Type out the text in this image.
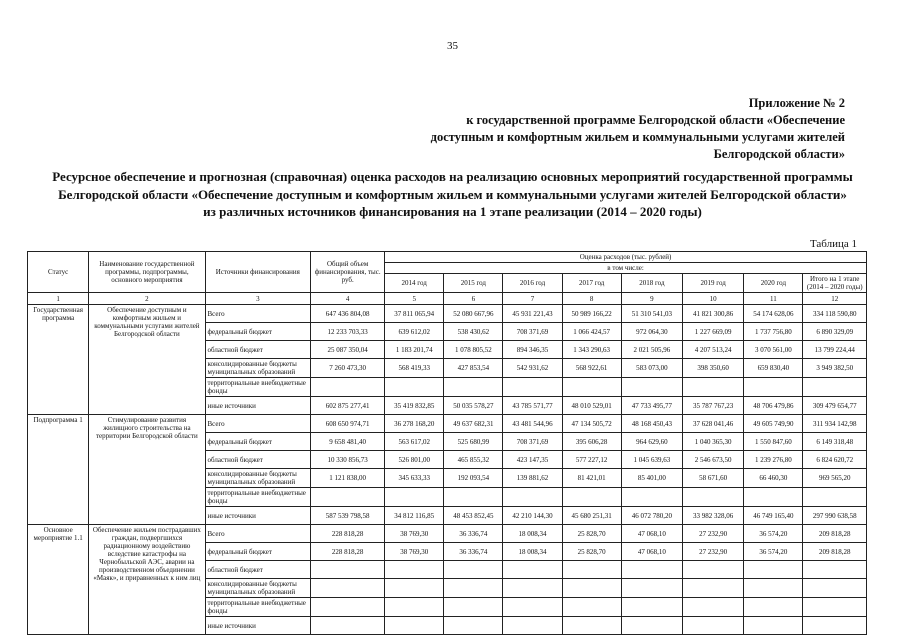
35
Приложение № 2
к государственной программе Белгородской области «Обеспечение
доступным и комфортным жильем и коммунальными услугами жителей
Белгородской области»
Ресурсное обеспечение и прогнозная (справочная) оценка расходов на реализацию основных мероприятий государственной программы
Белгородской области «Обеспечение доступным и комфортным жильем и коммунальными услугами жителей Белгородской области»
из различных источников финансирования на 1 этапе реализации (2014 – 2020 годы)
Таблица 1
Статус	Наименование государственной программы, подпрограммы, основного мероприятия	Источники финансирования	Общий объем финансирования, тыс. руб.	Оценка расходов (тыс. рублей)							
				в том числе:							
				2014 год	2015 год	2016 год	2017 год	2018 год	2019 год	2020 год	Итого на 1 этапе (2014 – 2020 годы)
1	2	3	4	5	6	7	8	9	10	11	12
Государственная программа	Обеспечение доступным и комфортным жильем и коммунальными услугами жителей Белгородской области	Всего	647 436 804,08	37 811 065,94	52 080 667,96	45 931 221,43	50 989 166,22	51 310 541,03	41 821 300,86	54 174 628,06	334 118 590,80
		федеральный бюджет	12 233 703,33	639 612,02	538 430,62	708 371,69	1 066 424,57	972 064,30	1 227 669,09	1 737 756,80	6 890 329,09
		областной бюджет	25 087 350,04	1 183 201,74	1 078 805,52	894 346,35	1 343 290,63	2 021 505,96	4 207 513,24	3 070 561,00	13 799 224,44
		консолидированные бюджеты муниципальных образований	7 260 473,30	568 419,33	427 853,54	542 931,62	568 922,61	583 073,00	398 350,60	659 830,40	3 949 382,50
		территориальные внебюджетные фонды									
		иные источники	602 875 277,41	35 419 832,85	50 035 578,27	43 785 571,77	48 010 529,01	47 733 495,77	35 787 767,23	48 706 479,86	309 479 654,77
Подпрограмма 1	Стимулирование развития жилищного строительства на территории Белгородской области	Всего	608 650 974,71	36 278 168,20	49 637 682,31	43 481 544,96	47 134 505,72	48 168 450,43	37 628 041,46	49 605 749,90	311 934 142,98
		федеральный бюджет	9 658 481,40	563 617,02	525 680,99	708 371,69	395 606,28	964 629,60	1 040 365,30	1 550 847,60	6 149 318,48
		областной бюджет	10 330 856,73	526 801,00	465 855,32	423 147,35	577 227,12	1 045 639,63	2 546 673,50	1 239 276,80	6 824 620,72
		консолидированные бюджеты муниципальных образований	1 121 838,00	345 633,33	192 093,54	139 881,62	81 421,01	85 401,00	58 671,60	66 460,30	969 565,20
		территориальные внебюджетные фонды									
		иные источники	587 539 798,58	34 812 116,85	48 453 852,45	42 210 144,30	45 680 251,31	46 072 780,20	33 982 328,06	46 749 165,40	297 990 638,58
Основное мероприятие 1.1	Обеспечение жильем пострадавших граждан, подвергшихся радиационному воздействию вследствие катастрофы на Чернобыльской АЭС, аварии на производственном объединении «Маяк», и приравненных к ним лиц	Всего	228 818,28	38 769,30	36 336,74	18 008,34	25 828,70	47 068,10	27 232,90	36 574,20	209 818,28
		федеральный бюджет	228 818,28	38 769,30	36 336,74	18 008,34	25 828,70	47 068,10	27 232,90	36 574,20	209 818,28
		областной бюджет									
		консолидированные бюджеты муниципальных образований									
		территориальные внебюджетные фонды									
		иные источники									
